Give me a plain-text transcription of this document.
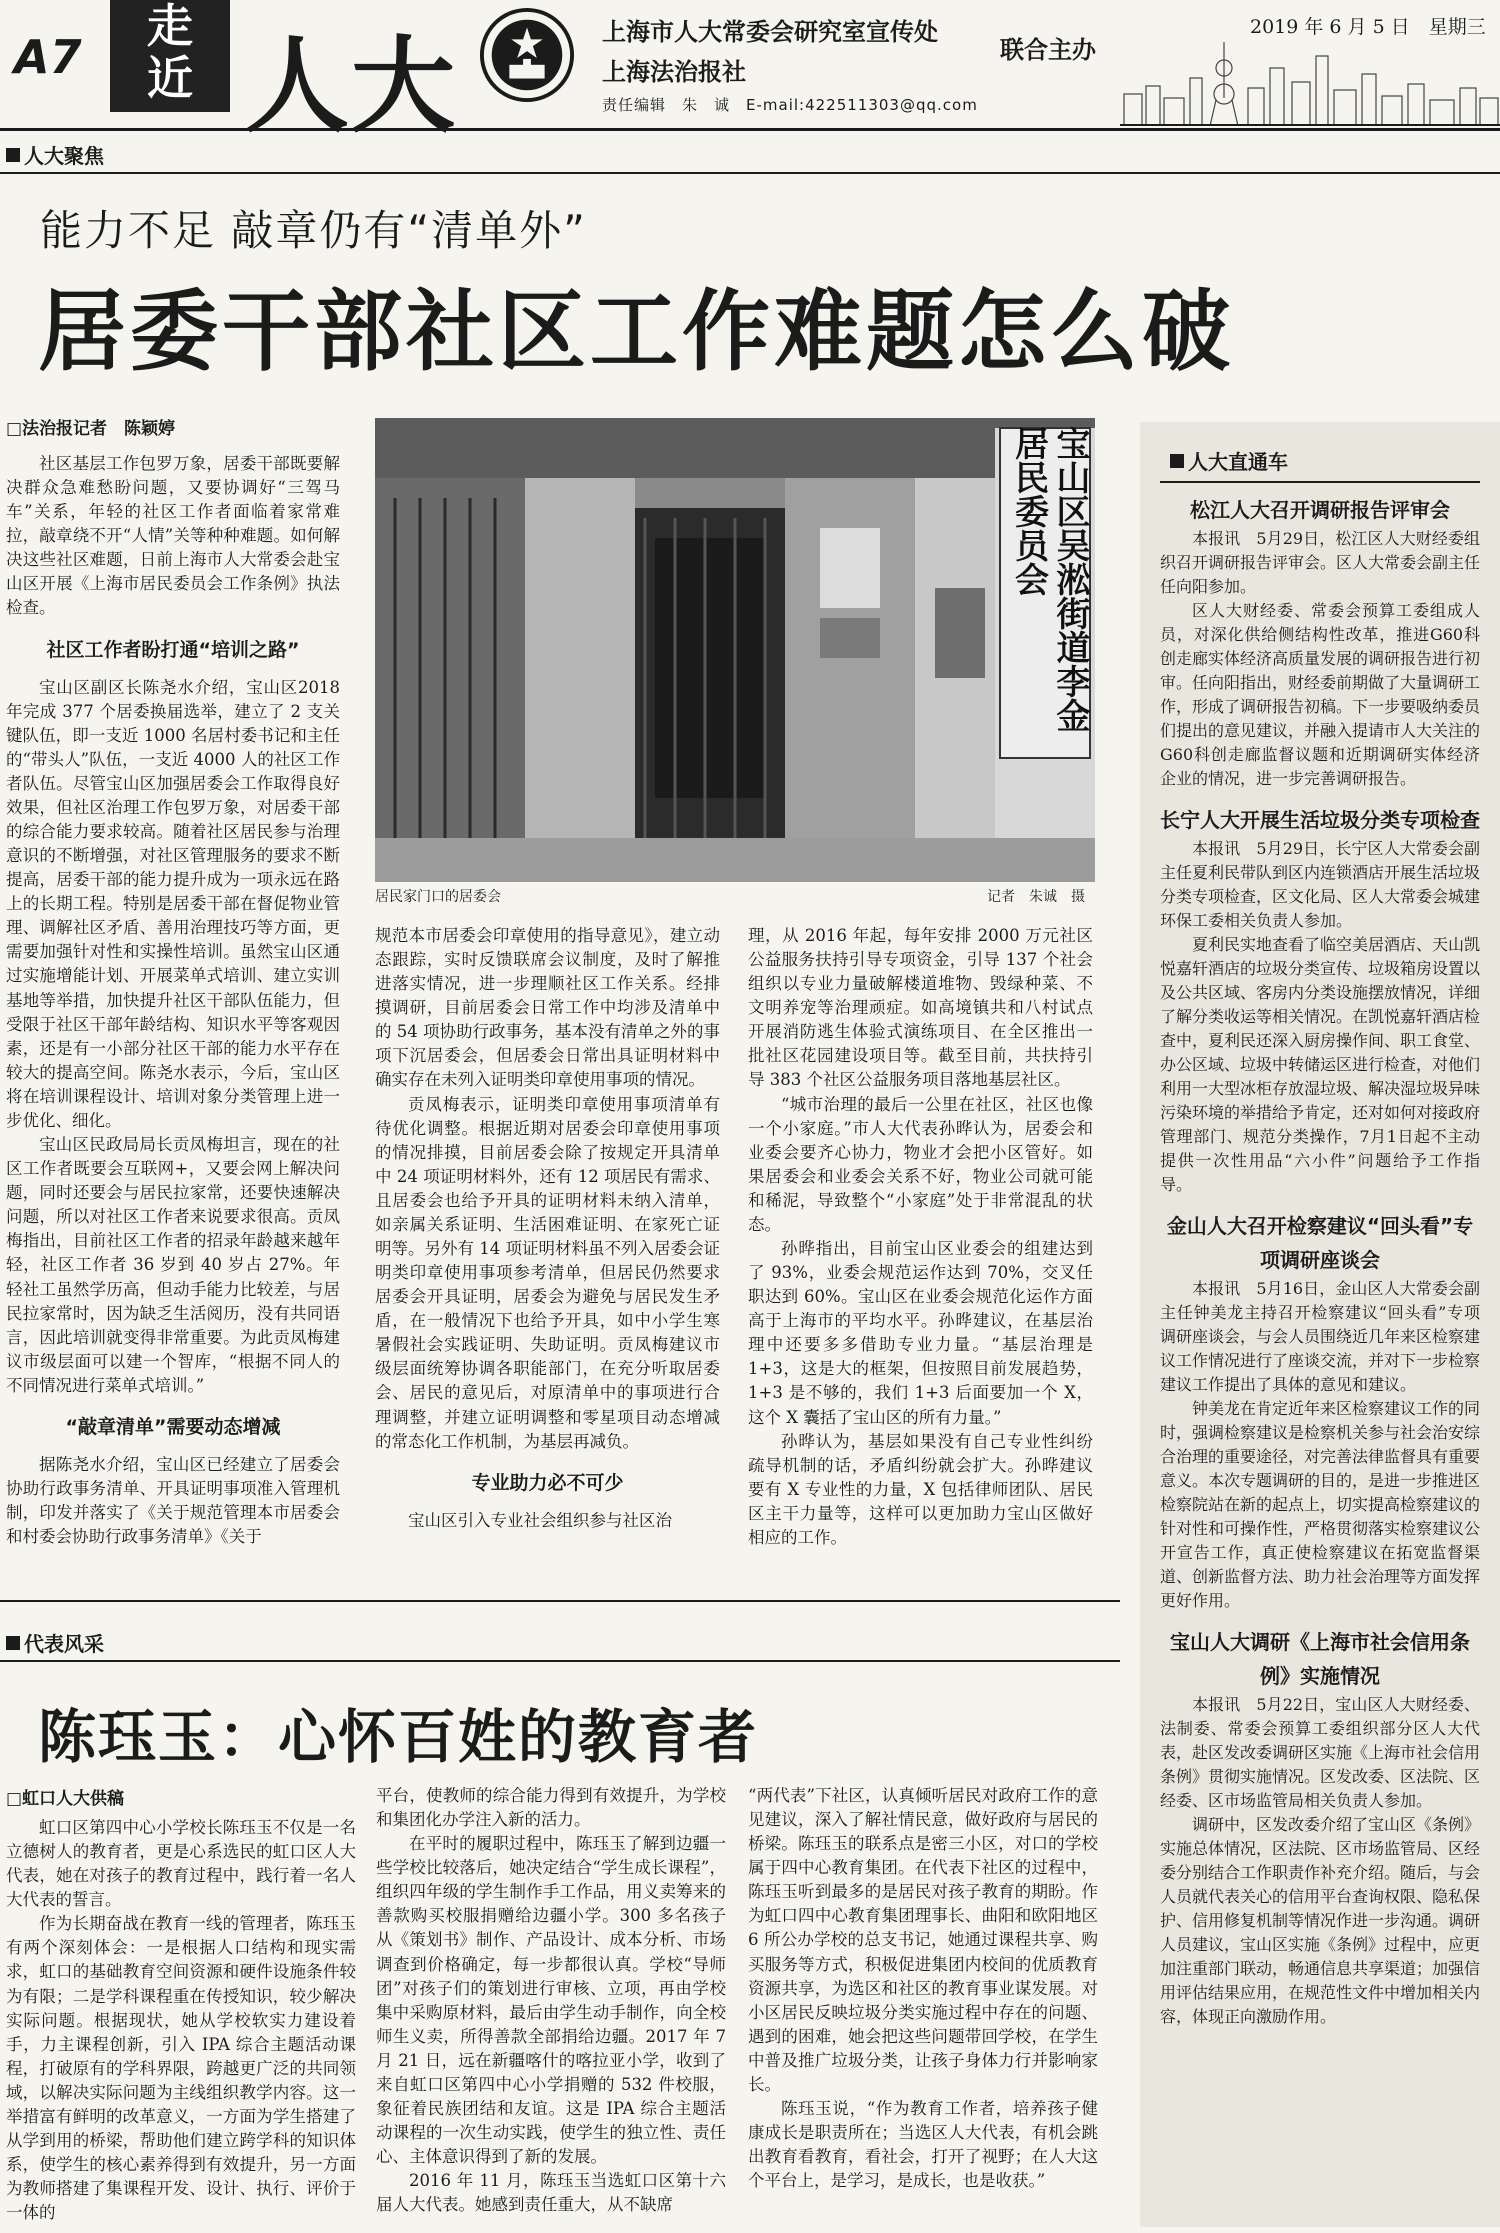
A7
走
近 人大	上海市人大常委会研究室宣传处
上海法治报社
联合主办
责任编辑　朱　诚　E-mail:422511303@qq.com
2019 年 6 月 5 日　星期三
人大聚焦
能力不足 敲章仍有“清单外”
居委干部社区工作难题怎么破
□法治报记者　陈颖婷

社区基层工作包罗万象，居委干部既要解决群众急难愁盼问题，又要协调好“三驾马车”关系，年轻的社区工作者面临着家常难拉，敲章绕不开“人情”关等种种难题。如何解决这些社区难题，日前上海市人大常委会赴宝山区开展《上海市居民委员会工作条例》执法检查。

社区工作者盼打通“培训之路”

宝山区副区长陈尧水介绍，宝山区2018 年完成 377 个居委换届选举，建立了 2 支关键队伍，即一支近 1000 名居村委书记和主任的“带头人”队伍，一支近 4000 人的社区工作者队伍。尽管宝山区加强居委会工作取得良好效果，但社区治理工作包罗万象，对居委干部的综合能力要求较高。随着社区居民参与治理意识的不断增强，对社区管理服务的要求不断提高，居委干部的能力提升成为一项永远在路上的长期工程。特别是居委干部在督促物业管理、调解社区矛盾、善用治理技巧等方面，更需要加强针对性和实操性培训。虽然宝山区通过实施增能计划、开展菜单式培训、建立实训基地等举措，加快提升社区干部队伍能力，但受限于社区干部年龄结构、知识水平等客观因素，还是有一小部分社区干部的能力水平存在较大的提高空间。陈尧水表示，今后，宝山区将在培训课程设计、培训对象分类管理上进一步优化、细化。

宝山区民政局局长贡凤梅坦言，现在的社区工作者既要会互联网+，又要会网上解决问题，同时还要会与居民拉家常，还要快速解决问题，所以对社区工作者来说要求很高。贡凤梅指出，目前社区工作者的招录年龄越来越年轻，社区工作者 36 岁到 40 岁占 27%。年轻社工虽然学历高，但动手能力比较差，与居民拉家常时，因为缺乏生活阅历，没有共同语言，因此培训就变得非常重要。为此贡凤梅建议市级层面可以建一个智库，“根据不同人的不同情况进行菜单式培训。”

“敲章清单”需要动态增减

据陈尧水介绍，宝山区已经建立了居委会协助行政事务清单、开具证明事项准入管理机制，印发并落实了《关于规范管理本市居委会和村委会协助行政事务清单》《关于

宝山区吴淞街道李金居民委员会
居民家门口的居委会	记者　朱诚　摄

规范本市居委会印章使用的指导意见》，建立动态跟踪，实时反馈联席会议制度，及时了解推进落实情况，进一步理顺社区工作关系。经排摸调研，目前居委会日常工作中均涉及清单中的 54 项协助行政事务，基本没有清单之外的事项下沉居委会，但居委会日常出具证明材料中确实存在未列入证明类印章使用事项的情况。

贡凤梅表示，证明类印章使用事项清单有待优化调整。根据近期对居委会印章使用事项的情况排摸，目前居委会除了按规定开具清单中 24 项证明材料外，还有 12 项居民有需求、且居委会也给予开具的证明材料未纳入清单，如亲属关系证明、生活困难证明、在家死亡证明等。另外有 14 项证明材料虽不列入居委会证明类印章使用事项参考清单，但居民仍然要求居委会开具证明，居委会为避免与居民发生矛盾，在一般情况下也给予开具，如中小学生寒暑假社会实践证明、失助证明。贡凤梅建议市级层面统筹协调各职能部门，在充分听取居委会、居民的意见后，对原清单中的事项进行合理调整，并建立证明调整和零星项目动态增减的常态化工作机制，为基层再减负。

专业助力必不可少

宝山区引入专业社会组织参与社区治

理，从 2016 年起，每年安排 2000 万元社区公益服务扶持引导专项资金，引导 137 个社会组织以专业力量破解楼道堆物、毁绿种菜、不文明养宠等治理顽症。如高境镇共和八村试点开展消防逃生体验式演练项目、在全区推出一批社区花园建设项目等。截至目前，共扶持引导 383 个社区公益服务项目落地基层社区。

“城市治理的最后一公里在社区，社区也像一个小家庭。”市人大代表孙晔认为，居委会和业委会要齐心协力，物业才会把小区管好。如果居委会和业委会关系不好，物业公司就可能和稀泥，导致整个“小家庭”处于非常混乱的状态。

孙晔指出，目前宝山区业委会的组建达到了 93%，业委会规范运作达到 70%，交叉任职达到 60%。宝山区在业委会规范化运作方面高于上海市的平均水平。孙晔建议，在基层治理中还要多多借助专业力量。“基层治理是 1+3，这是大的框架，但按照目前发展趋势，1+3 是不够的，我们 1+3 后面要加一个 X，这个 X 囊括了宝山区的所有力量。”

孙晔认为，基层如果没有自己专业性纠纷疏导机制的话，矛盾纠纷就会扩大。孙晔建议要有 X 专业性的力量，X 包括律师团队、居民区主干力量等，这样可以更加助力宝山区做好相应的工作。

人大直通车
松江人大召开调研报告评审会

本报讯　5月29日，松江区人大财经委组织召开调研报告评审会。区人大常委会副主任任向阳参加。

区人大财经委、常委会预算工委组成人员，对深化供给侧结构性改革，推进G60科创走廊实体经济高质量发展的调研报告进行初审。任向阳指出，财经委前期做了大量调研工作，形成了调研报告初稿。下一步要吸纳委员们提出的意见建议，并融入提请市人大关注的G60科创走廊监督议题和近期调研实体经济企业的情况，进一步完善调研报告。

长宁人大开展生活垃圾分类专项检查

本报讯　5月29日，长宁区人大常委会副主任夏利民带队到区内连锁酒店开展生活垃圾分类专项检查，区文化局、区人大常委会城建环保工委相关负责人参加。

夏利民实地查看了临空美居酒店、天山凯悦嘉轩酒店的垃圾分类宣传、垃圾箱房设置以及公共区域、客房内分类设施摆放情况，详细了解分类收运等相关情况。在凯悦嘉轩酒店检查中，夏利民还深入厨房操作间、职工食堂、办公区域、垃圾中转储运区进行检查，对他们利用一大型冰柜存放湿垃圾、解决湿垃圾异味污染环境的举措给予肯定，还对如何对接政府管理部门、规范分类操作，7月1日起不主动提供一次性用品“六小件”问题给予工作指导。

金山人大召开检察建议“回头看”专项调研座谈会

本报讯　5月16日，金山区人大常委会副主任钟美龙主持召开检察建议“回头看”专项调研座谈会，与会人员围绕近几年来区检察建议工作情况进行了座谈交流，并对下一步检察建议工作提出了具体的意见和建议。

钟美龙在肯定近年来区检察建议工作的同时，强调检察建议是检察机关参与社会治安综合治理的重要途径，对完善法律监督具有重要意义。本次专题调研的目的，是进一步推进区检察院站在新的起点上，切实提高检察建议的针对性和可操作性，严格贯彻落实检察建议公开宣告工作，真正使检察建议在拓宽监督渠道、创新监督方法、助力社会治理等方面发挥更好作用。

宝山人大调研《上海市社会信用条例》实施情况

本报讯　5月22日，宝山区人大财经委、法制委、常委会预算工委组织部分区人大代表，赴区发改委调研区实施《上海市社会信用条例》贯彻实施情况。区发改委、区法院、区经委、区市场监管局相关负责人参加。

调研中，区发改委介绍了宝山区《条例》实施总体情况，区法院、区市场监管局、区经委分别结合工作职责作补充介绍。随后，与会人员就代表关心的信用平台查询权限、隐私保护、信用修复机制等情况作进一步沟通。调研人员建议，宝山区实施《条例》过程中，应更加注重部门联动，畅通信息共享渠道；加强信用评估结果应用，在规范性文件中增加相关内容，体现正向激励作用。

代表风采
陈珏玉：心怀百姓的教育者
□虹口人大供稿

虹口区第四中心小学校长陈珏玉不仅是一名立德树人的教育者，更是心系选民的虹口区人大代表，她在对孩子的教育过程中，践行着一名人大代表的誓言。

作为长期奋战在教育一线的管理者，陈珏玉有两个深刻体会：一是根据人口结构和现实需求，虹口的基础教育空间资源和硬件设施条件较为有限；二是学科课程重在传授知识，较少解决实际问题。根据现状，她从学校软实力建设着手，力主课程创新，引入 IPA 综合主题活动课程，打破原有的学科界限，跨越更广泛的共同领域，以解决实际问题为主线组织教学内容。这一举措富有鲜明的改革意义，一方面为学生搭建了从学到用的桥梁，帮助他们建立跨学科的知识体系，使学生的核心素养得到有效提升，另一方面为教师搭建了集课程开发、设计、执行、评价于一体的

平台，使教师的综合能力得到有效提升，为学校和集团化办学注入新的活力。

在平时的履职过程中，陈珏玉了解到边疆一些学校比较落后，她决定结合“学生成长课程”，组织四年级的学生制作手工作品，用义卖筹来的善款购买校服捐赠给边疆小学。300 多名孩子从《策划书》制作、产品设计、成本分析、市场调查到价格确定，每一步都很认真。学校“导师团”对孩子们的策划进行审核、立项，再由学校集中采购原材料，最后由学生动手制作，向全校师生义卖，所得善款全部捐给边疆。2017 年 7 月 21 日，远在新疆喀什的喀拉亚小学，收到了来自虹口区第四中心小学捐赠的 532 件校服，象征着民族团结和友谊。这是 IPA 综合主题活动课程的一次生动实践，使学生的独立性、责任心、主体意识得到了新的发展。

2016 年 11 月，陈珏玉当选虹口区第十六届人大代表。她感到责任重大，从不缺席

“两代表”下社区，认真倾听居民对政府工作的意见建议，深入了解社情民意，做好政府与居民的桥梁。陈珏玉的联系点是密三小区，对口的学校属于四中心教育集团。在代表下社区的过程中，陈珏玉听到最多的是居民对孩子教育的期盼。作为虹口四中心教育集团理事长、曲阳和欧阳地区 6 所公办学校的总支书记，她通过课程共享、购买服务等方式，积极促进集团内校间的优质教育资源共享，为选区和社区的教育事业谋发展。对小区居民反映垃圾分类实施过程中存在的问题、遇到的困难，她会把这些问题带回学校，在学生中普及推广垃圾分类，让孩子身体力行并影响家长。

陈珏玉说，“作为教育工作者，培养孩子健康成长是职责所在；当选区人大代表，有机会跳出教育看教育，看社会，打开了视野；在人大这个平台上，是学习，是成长，也是收获。”
